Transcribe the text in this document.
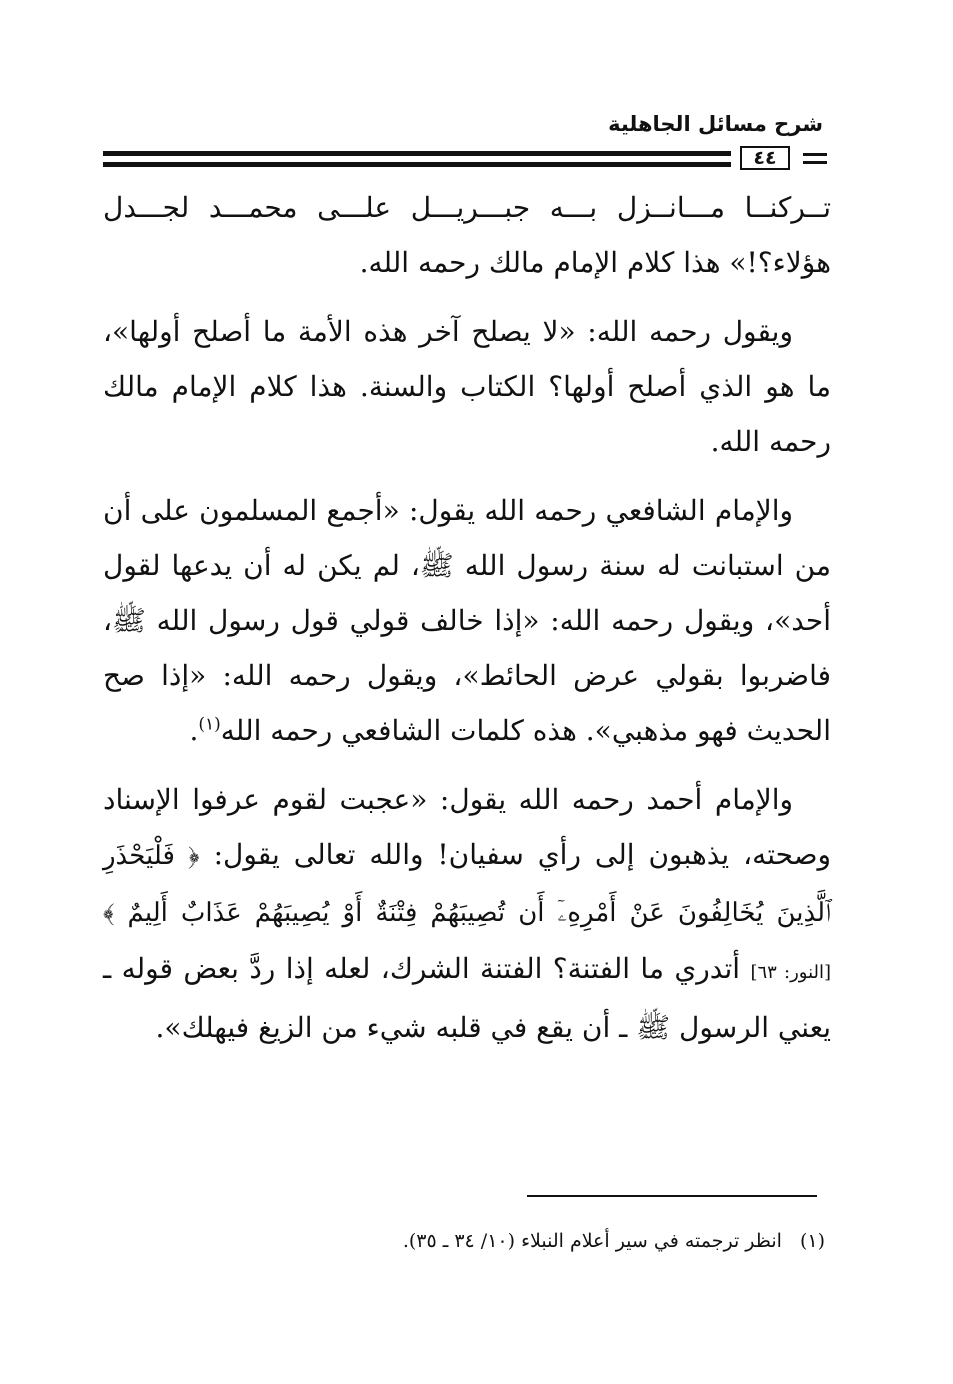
شرح مسائل الجاهلية
٤٤

تــركنــا مـــانــزل بـــه جبـــريـــل علـــى محمـــد لجـــدل هؤلاء؟!» هذا كلام الإمام مالك رحمه الله.

ويقول رحمه الله: «لا يصلح آخر هذه الأمة ما أصلح أولها»، ما هو الذي أصلح أولها؟ الكتاب والسنة. هذا كلام الإمام مالك رحمه الله.

والإمام الشافعي رحمه الله يقول: «أجمع المسلمون على أن من استبانت له سنة رسول الله ﷺ، لم يكن له أن يدعها لقول أحد»، ويقول رحمه الله: «إذا خالف قولي قول رسول الله ﷺ، فاضربوا بقولي عرض الحائط»، ويقول رحمه الله: «إذا صح الحديث فهو مذهبي». هذه كلمات الشافعي رحمه الله$^{(١)}$.

والإمام أحمد رحمه الله يقول: «عجبت لقوم عرفوا الإسناد وصحته، يذهبون إلى رأي سفيان! والله تعالى يقول: ﴿ فَلْيَحْذَرِ ٱلَّذِينَ يُخَالِفُونَ عَنْ أَمْرِهِۦٓ أَن تُصِيبَهُمْ فِتْنَةٌ أَوْ يُصِيبَهُمْ عَذَابٌ أَلِيمٌ ﴾ [النور: ٦٣] أتدري ما الفتنة؟ الفتنة الشرك، لعله إذا ردَّ بعض قوله ـ يعني الرسول ﷺ ـ أن يقع في قلبه شيء من الزيغ فيهلك».

(١)انظر ترجمته في سير أعلام النبلاء (١٠/ ٣٤ ـ ٣٥).
